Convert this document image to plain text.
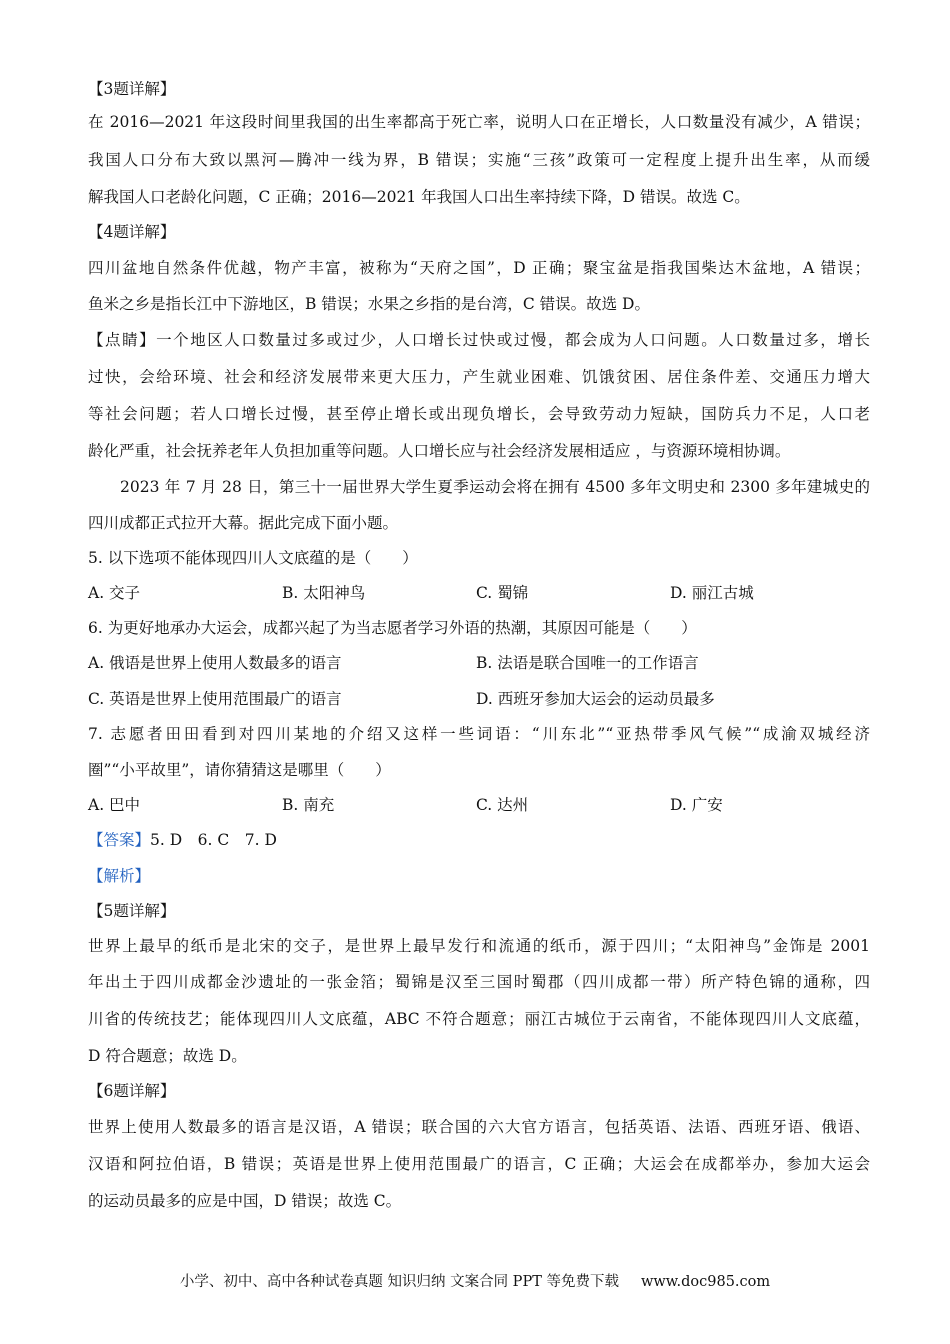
【3题详解】
在 2016—2021 年这段时间里我国的出生率都高于死亡率，说明人口在正增长，人口数量没有减少，A 错误；
我国人口分布大致以黑河—腾冲一线为界，B 错误；实施“三孩”政策可一定程度上提升出生率，从而缓
解我国人口老龄化问题，C 正确；2016—2021 年我国人口出生率持续下降，D 错误。故选 C。
【4题详解】
四川盆地自然条件优越，物产丰富，被称为“天府之国”，D 正确；聚宝盆是指我国柴达木盆地，A 错误；
鱼米之乡是指长江中下游地区，B 错误；水果之乡指的是台湾，C 错误。故选 D。
【点睛】一个地区人口数量过多或过少，人口增长过快或过慢，都会成为人口问题。人口数量过多，增长
过快，会给环境、社会和经济发展带来更大压力，产生就业困难、饥饿贫困、居住条件差、交通压力增大
等社会问题；若人口增长过慢，甚至停止增长或出现负增长，会导致劳动力短缺，国防兵力不足，人口老
龄化严重，社会抚养老年人负担加重等问题。人口增长应与社会经济发展相适应 ，与资源环境相协调。
2023 年 7 月 28 日，第三十一届世界大学生夏季运动会将在拥有 4500 多年文明史和 2300 多年建城史的
四川成都正式拉开大幕。据此完成下面小题。
5. 以下选项不能体现四川人文底蕴的是（　　）
A. 交子	B. 太阳神鸟	C. 蜀锦	D. 丽江古城
6. 为更好地承办大运会，成都兴起了为当志愿者学习外语的热潮，其原因可能是（　　）
A. 俄语是世界上使用人数最多的语言	B. 法语是联合国唯一的工作语言
C. 英语是世界上使用范围最广的语言	D. 西班牙参加大运会的运动员最多
7. 志愿者田田看到对四川某地的介绍又这样一些词语：“川东北”“亚热带季风气候”“成渝双城经济
圈”“小平故里”，请你猜猜这是哪里（　　）
A. 巴中	B. 南充	C. 达州	D. 广安
【答案】5. D　6. C　7. D
【解析】
【5题详解】
世界上最早的纸币是北宋的交子，是世界上最早发行和流通的纸币，源于四川；“太阳神鸟”金饰是 2001
年出土于四川成都金沙遗址的一张金箔；蜀锦是汉至三国时蜀郡（四川成都一带）所产特色锦的通称，四
川省的传统技艺；能体现四川人文底蕴，ABC 不符合题意；丽江古城位于云南省，不能体现四川人文底蕴，
D 符合题意；故选 D。
【6题详解】
世界上使用人数最多的语言是汉语，A 错误；联合国的六大官方语言，包括英语、法语、西班牙语、俄语、
汉语和阿拉伯语，B 错误；英语是世界上使用范围最广的语言，C 正确；大运会在成都举办，参加大运会
的运动员最多的应是中国，D 错误；故选 C。
小学、初中、高中各种试卷真题 知识归纳 文案合同 PPT 等免费下载 www.doc985.com
